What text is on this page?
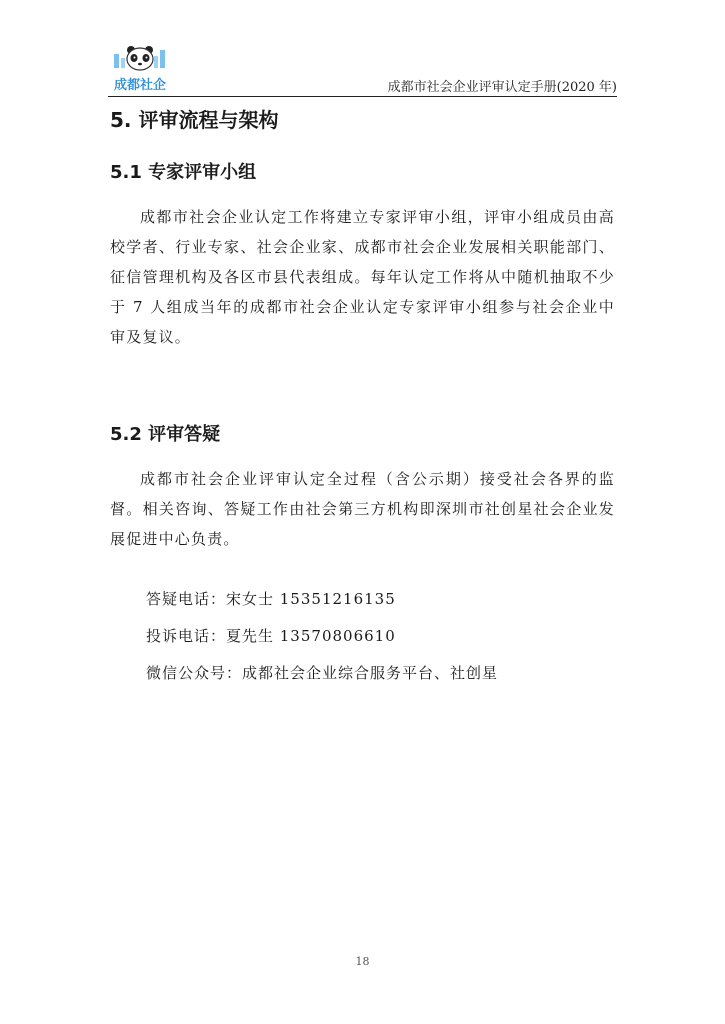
成都社企	成都市社会企业评审认定手册(2020 年)
5. 评审流程与架构
5.1 专家评审小组

成都市社会企业认定工作将建立专家评审小组，评审小组成员由高校学者、行业专家、社会企业家、成都市社会企业发展相关职能部门、征信管理机构及各区市县代表组成。每年认定工作将从中随机抽取不少于 7 人组成当年的成都市社会企业认定专家评审小组参与社会企业中审及复议。

5.2 评审答疑

成都市社会企业评审认定全过程（含公示期）接受社会各界的监督。相关咨询、答疑工作由社会第三方机构即深圳市社创星社会企业发展促进中心负责。

答疑电话：宋女士 15351216135
投诉电话：夏先生 13570806610
微信公众号：成都社会企业综合服务平台、社创星
18
